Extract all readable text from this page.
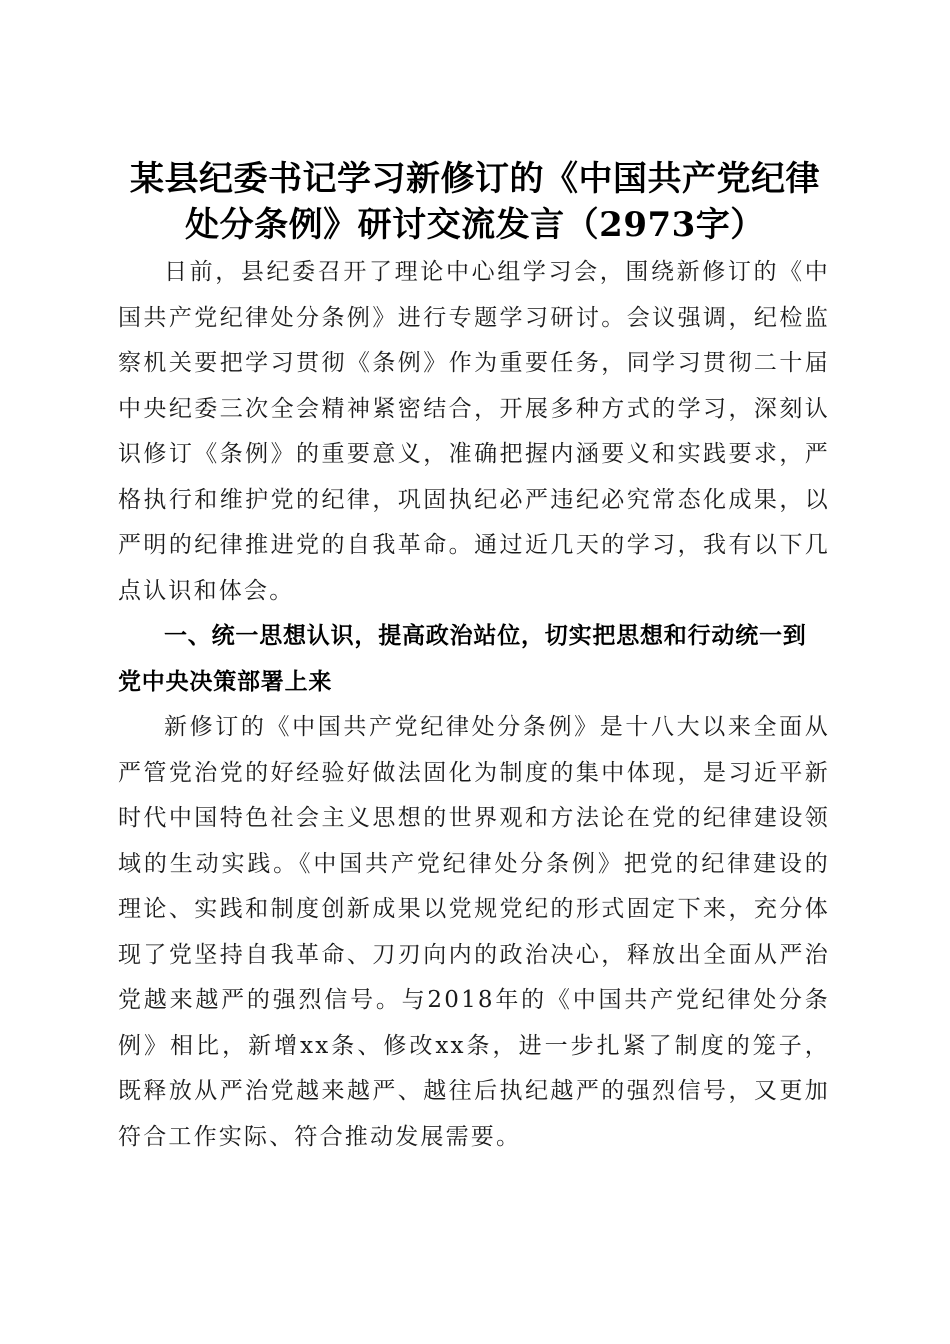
某县纪委书记学习新修订的《中国共产党纪律
处分条例》研讨交流发言（2973字）

日前，县纪委召开了理论中心组学习会，围绕新修订的《中国共产党纪律处分条例》进行专题学习研讨。会议强调，纪检监察机关要把学习贯彻《条例》作为重要任务，同学习贯彻二十届中央纪委三次全会精神紧密结合，开展多种方式的学习，深刻认识修订《条例》的重要意义，准确把握内涵要义和实践要求，严格执行和维护党的纪律，巩固执纪必严违纪必究常态化成果，以严明的纪律推进党的自我革命。通过近几天的学习，我有以下几点认识和体会。

一、统一思想认识，提高政治站位，切实把思想和行动统一到党中央决策部署上来

新修订的《中国共产党纪律处分条例》是十八大以来全面从严管党治党的好经验好做法固化为制度的集中体现，是习近平新时代中国特色社会主义思想的世界观和方法论在党的纪律建设领域的生动实践。《中国共产党纪律处分条例》把党的纪律建设的理论、实践和制度创新成果以党规党纪的形式固定下来，充分体现了党坚持自我革命、刀刃向内的政治决心，释放出全面从严治党越来越严的强烈信号。与2018年的《中国共产党纪律处分条例》相比，新增xx条、修改xx条，进一步扎紧了制度的笼子，既释放从严治党越来越严、越往后执纪越严的强烈信号，又更加符合工作实际、符合推动发展需要。
